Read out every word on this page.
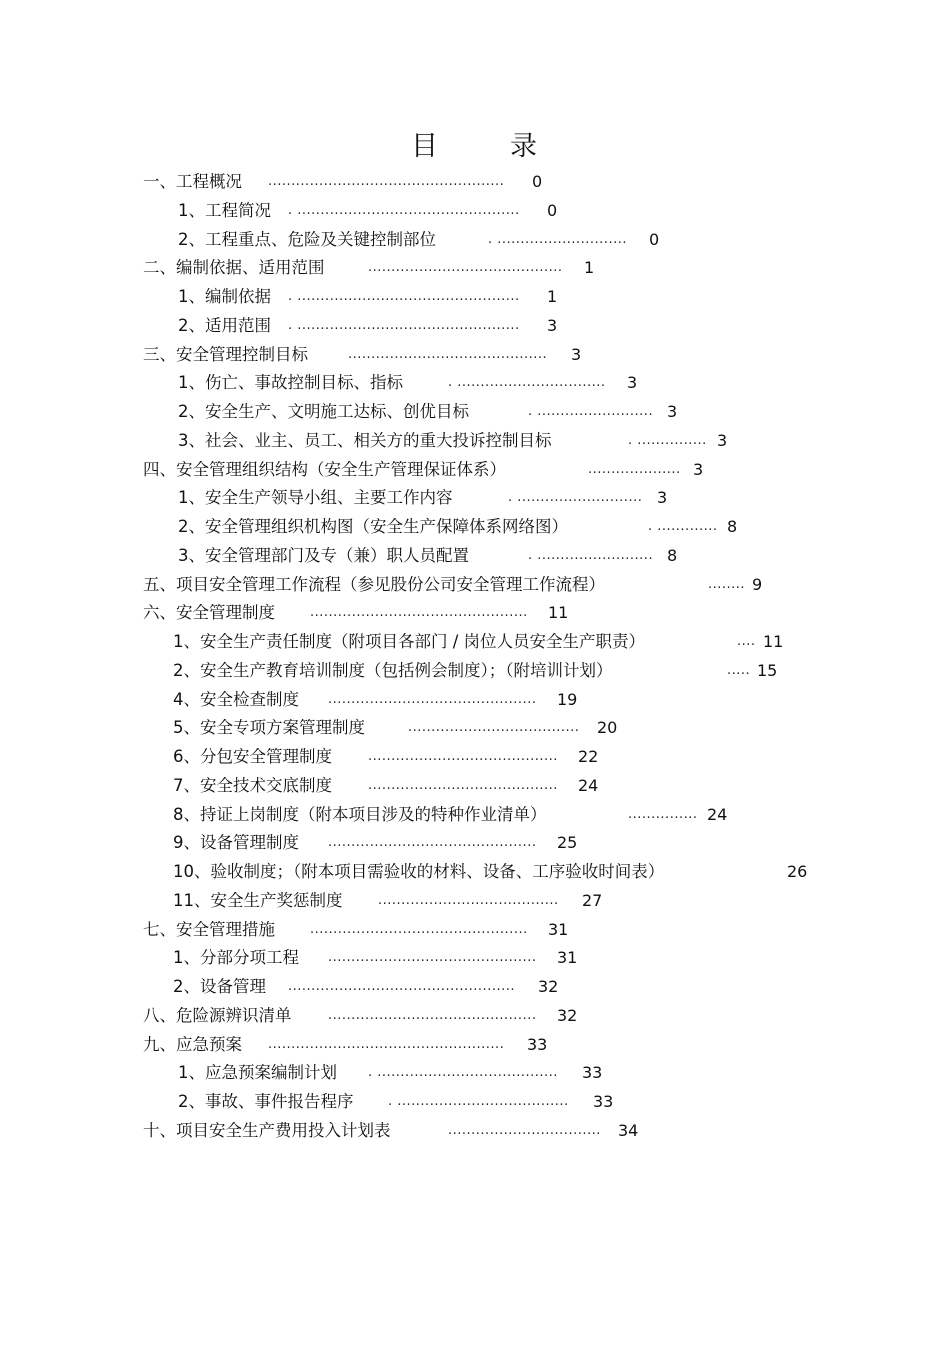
目	录
一、工程概况 ................................................... 0
1、工程简况 . ................................................ 0
2、工程重点、危险及关键控制部位	. ............................ 0
二、编制依据、适用范围	.......................................... 1
1、编制依据 . ................................................ 1
2、适用范围 . ................................................ 3
三、安全管理控制目标	........................................... 3
1、伤亡、事故控制目标、指标	. ................................ 3
2、安全生产、文明施工达标、创优目标	. ......................... 3
3、社会、业主、员工、相关方的重大投诉控制目标	. ............... 3
四、安全管理组织结构（安全生产管理保证体系）	.................... 3
1、安全生产领导小组、主要工作内容	. ........................... 3
2、安全管理组织机构图（安全生产保障体系网络图）	. ............. 8
3、安全管理部门及专（兼）职人员配置	. ......................... 8
五、项目安全管理工作流程（参见股份公司安全管理工作流程）	........ 9
六、安全管理制度	............................................... 11
1、安全生产责任制度（附项目各部门 / 岗位人员安全生产职责）	.... 11
2、安全生产教育培训制度（包括例会制度）；（附培训计划）	..... 15
4、安全检查制度 ............................................. 19
5、安全专项方案管理制度	..................................... 20
6、分包安全管理制度	......................................... 22
7、安全技术交底制度	......................................... 24
8、持证上岗制度（附本项目涉及的特种作业清单）	............... 24
9、设备管理制度 ............................................. 25
10、验收制度；（附本项目需验收的材料、设备、工序验收时间表）	26
11、安全生产奖惩制度	....................................... 27
七、安全管理措施	............................................... 31
1、分部分项工程 ............................................. 31
2、设备管理 ................................................. 32
八、危险源辨识清单	............................................. 32
九、应急预案 ................................................... 33
1、应急预案编制计划 . ....................................... 33
2、事故、事件报告程序	. ..................................... 33
十、项目安全生产费用投入计划表	................................. 34
